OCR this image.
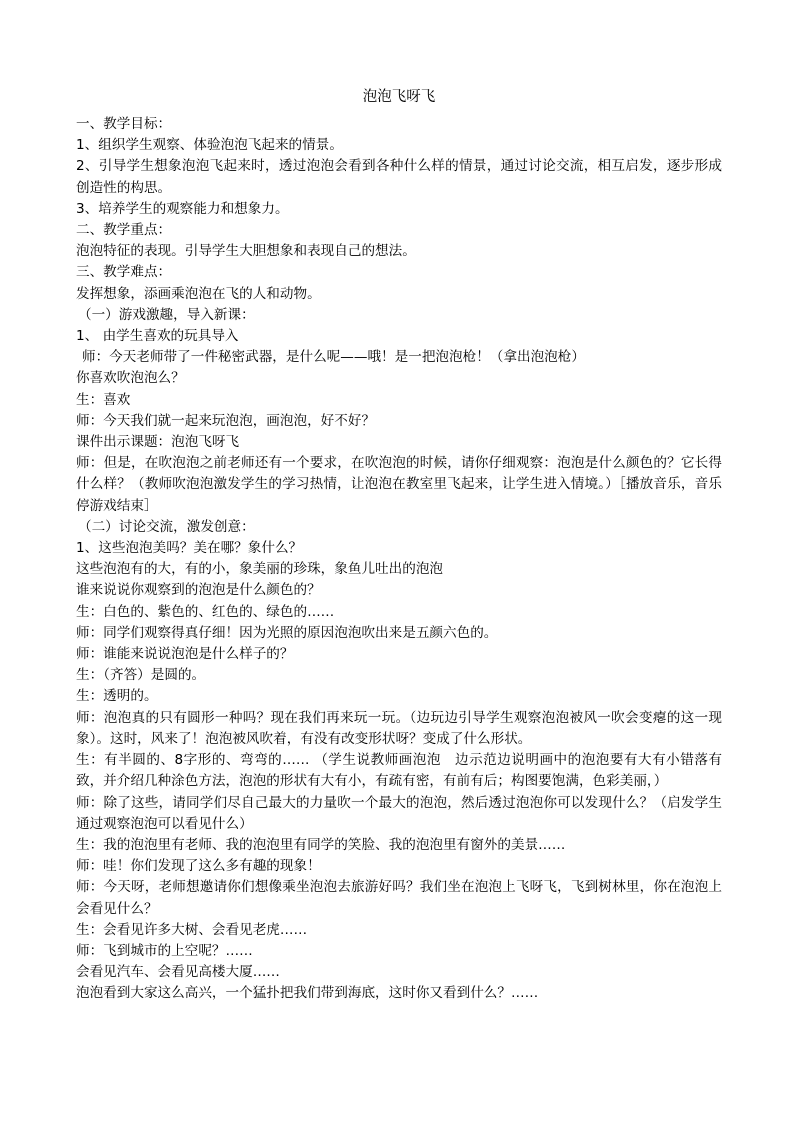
泡泡飞呀飞
一、教学目标：
1、组织学生观察、体验泡泡飞起来的情景。
2、引导学生想象泡泡飞起来时，透过泡泡会看到各种什么样的情景，通过讨论交流，相互启发，逐步形成创造性的构思。
3、培养学生的观察能力和想象力。
二、教学重点：
泡泡特征的表现。引导学生大胆想象和表现自己的想法。
三、教学难点：
发挥想象，添画乘泡泡在飞的人和动物。
（一）游戏激趣，导入新课：
1、 由学生喜欢的玩具导入
师：今天老师带了一件秘密武器，是什么呢——哦！是一把泡泡枪！（拿出泡泡枪）
你喜欢吹泡泡么？
生：喜欢
师：今天我们就一起来玩泡泡，画泡泡，好不好？
课件出示课题：泡泡飞呀飞
师：但是，在吹泡泡之前老师还有一个要求，在吹泡泡的时候，请你仔细观察：泡泡是什么颜色的？它长得什么样？（教师吹泡泡激发学生的学习热情，让泡泡在教室里飞起来，让学生进入情境。）［播放音乐，音乐停游戏结束］
（二）讨论交流，激发创意：
1、这些泡泡美吗？美在哪？象什么？
这些泡泡有的大，有的小，象美丽的珍珠，象鱼儿吐出的泡泡
谁来说说你观察到的泡泡是什么颜色的？
生：白色的、紫色的、红色的、绿色的……
师：同学们观察得真仔细！因为光照的原因泡泡吹出来是五颜六色的。
师：谁能来说说泡泡是什么样子的？
生：（齐答）是圆的。
生：透明的。
师：泡泡真的只有圆形一种吗？现在我们再来玩一玩。（边玩边引导学生观察泡泡被风一吹会变瘪的这一现象）。这时，风来了！泡泡被风吹着，有没有改变形状呀？变成了什么形状。
生：有半圆的、8字形的、弯弯的…… （学生说教师画泡泡　边示范边说明画中的泡泡要有大有小错落有致，并介绍几种涂色方法，泡泡的形状有大有小，有疏有密，有前有后；构图要饱满，色彩美丽，）
师：除了这些，请同学们尽自己最大的力量吹一个最大的泡泡，然后透过泡泡你可以发现什么？（启发学生通过观察泡泡可以看见什么）
生：我的泡泡里有老师、我的泡泡里有同学的笑脸、我的泡泡里有窗外的美景……
师：哇！你们发现了这么多有趣的现象！
师：今天呀，老师想邀请你们想像乘坐泡泡去旅游好吗？我们坐在泡泡上飞呀飞，飞到树林里，你在泡泡上会看见什么？
生：会看见许多大树、会看见老虎……
师：飞到城市的上空呢？……
会看见汽车、会看见高楼大厦……
泡泡看到大家这么高兴，一个猛扑把我们带到海底，这时你又看到什么？……
